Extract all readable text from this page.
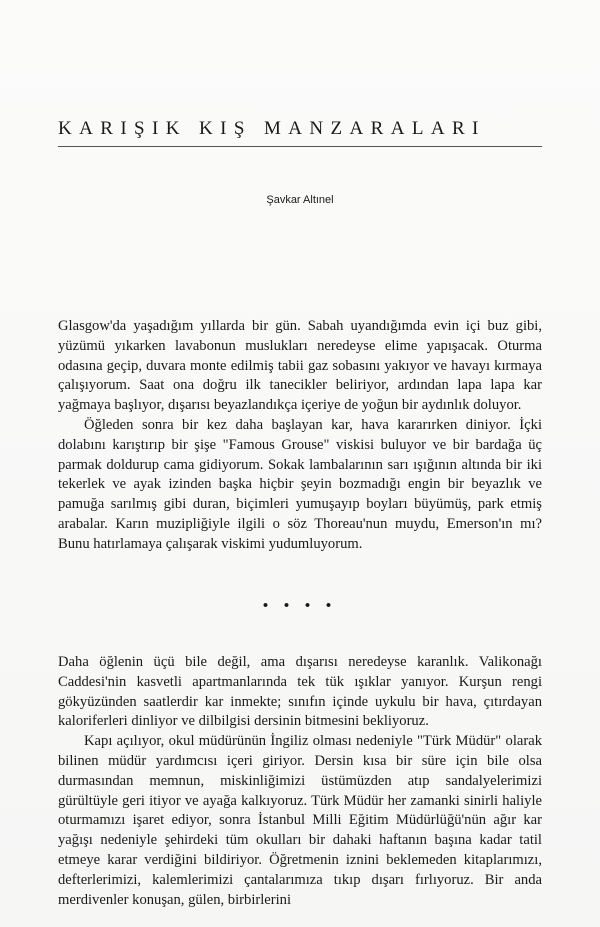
KARIŞIK KIŞ MANZARALARI
Şavkar Altınel

Glasgow'da yaşadığım yıllarda bir gün. Sabah uyandığımda evin içi buz gibi, yüzümü yıkarken lavabonun muslukları neredeyse elime yapışacak. Oturma odasına geçip, duvara monte edilmiş tabii gaz sobasını yakıyor ve havayı kırmaya çalışıyorum. Saat ona doğru ilk tanecikler beliriyor, ardından lapa lapa kar yağmaya başlıyor, dışarısı beyazlandıkça içeriye de yoğun bir aydınlık doluyor.

Öğleden sonra bir kez daha başlayan kar, hava kararırken diniyor. İçki dolabını karıştırıp bir şişe "Famous Grouse" viskisi buluyor ve bir bardağa üç parmak doldurup cama gidiyorum. Sokak lambalarının sarı ışığının altında bir iki tekerlek ve ayak izinden başka hiçbir şeyin bozmadığı engin bir beyazlık ve pamuğa sarılmış gibi duran, biçimleri yumuşayıp boyları büyümüş, park etmiş arabalar. Karın muzipliğiyle ilgili o söz Thoreau'nun muydu, Emerson'ın mı? Bunu hatırlamaya çalışarak viskimi yudumluyorum.

• • • •

Daha öğlenin üçü bile değil, ama dışarısı neredeyse karanlık. Valikonağı Caddesi'nin kasvetli apartmanlarında tek tük ışıklar yanıyor. Kurşun rengi gökyüzünden saatlerdir kar inmekte; sınıfın içinde uykulu bir hava, çıtırdayan kaloriferleri dinliyor ve dilbilgisi dersinin bitmesini bekliyoruz.

Kapı açılıyor, okul müdürünün İngiliz olması nedeniyle "Türk Müdür" olarak bilinen müdür yardımcısı içeri giriyor. Dersin kısa bir süre için bile olsa durmasından memnun, miskinliğimizi üstümüzden atıp sandalyelerimizi gürültüyle geri itiyor ve ayağa kalkıyoruz. Türk Müdür her zamanki sinirli haliyle oturmamızı işaret ediyor, sonra İstanbul Milli Eğitim Müdürlüğü'nün ağır kar yağışı nedeniyle şehirdeki tüm okulları bir dahaki haftanın başına kadar tatil etmeye karar verdiğini bildiriyor. Öğretmenin iznini beklemeden kitaplarımızı, defterlerimizi, kalemlerimizi çantalarımıza tıkıp dışarı fırlıyoruz. Bir anda merdivenler konuşan, gülen, birbirlerini
